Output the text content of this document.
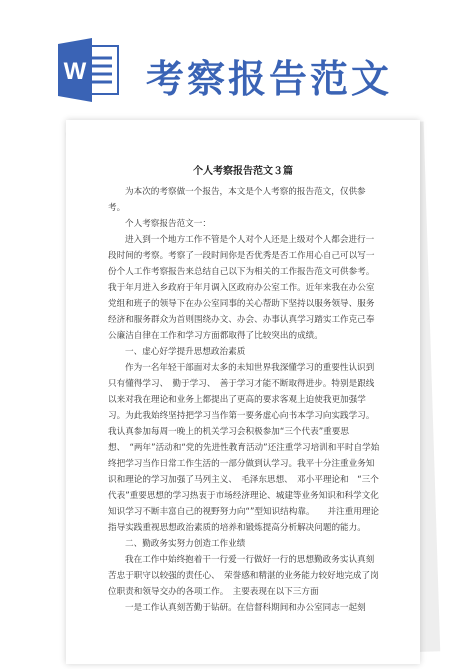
W 考察报告范文
个人考察报告范文３篇

为本次的考察做一个报告，本文是个人考察的报告范文，仅供参考。

个人考察报告范文一：

进入到一个地方工作不管是个人对个人还是上级对个人都会进行一段时间的考察。考察了一段时间你是否优秀是否工作用心自己可以写一份个人工作考察报告来总结自己以下为相关的工作报告范文可供参考。　我于年月进入乡政府于年月调入区政府办公室工作。近年来我在办公室党组和班子的领导下在办公室同事的关心帮助下坚持以服务领导、服务经济和服务群众为首则围绕办文、办会、办事认真学习踏实工作克己奉公廉洁自律在工作和学习方面都取得了比较突出的成绩。

一、虚心好学提升思想政治素质

作为一名年轻干部面对太多的未知世界我深懂学习的重要性认识到只有懂得学习、　勤于学习、　善于学习才能不断取得进步。特别是跟线以来对我在理论和业务上都提出了更高的要求客观上迫使我更加强学习。为此我始终坚持把学习当作第一要务虚心向书本学习向实践学习。我认真参加每周一晚上的机关学习会积极参加“三个代表”重要思想、　“两年”活动和“党的先进性教育活动”还注重学习培训和平时自学始终把学习当作日常工作生活的一部分做到认学习。我平十分注重业务知识和理论的学习加强了马列主义、　毛泽东思想、　邓小平理论和　“三个代表”重要思想的学习热衷于市场经济理论、城建等业务知识和科学文化知识学习不断丰富自己的视野努力向“”型知识结构靠。　　并注重用理论指导实践重视思想政治素质的培养和锻炼提高分析解决问题的能力。

二、勤政务实努力创造工作业绩

我在工作中始终抱着干一行爱一行做好一行的思想勤政务实认真刻苦忠于职守以较强的责任心、　荣誉感和精湛的业务能力较好地完成了岗位职责和领导交办的各项工作。　主要表现在以下三方面

一是工作认真刻苦勤于钻研。在信督科期间和办公室同志一起刻
